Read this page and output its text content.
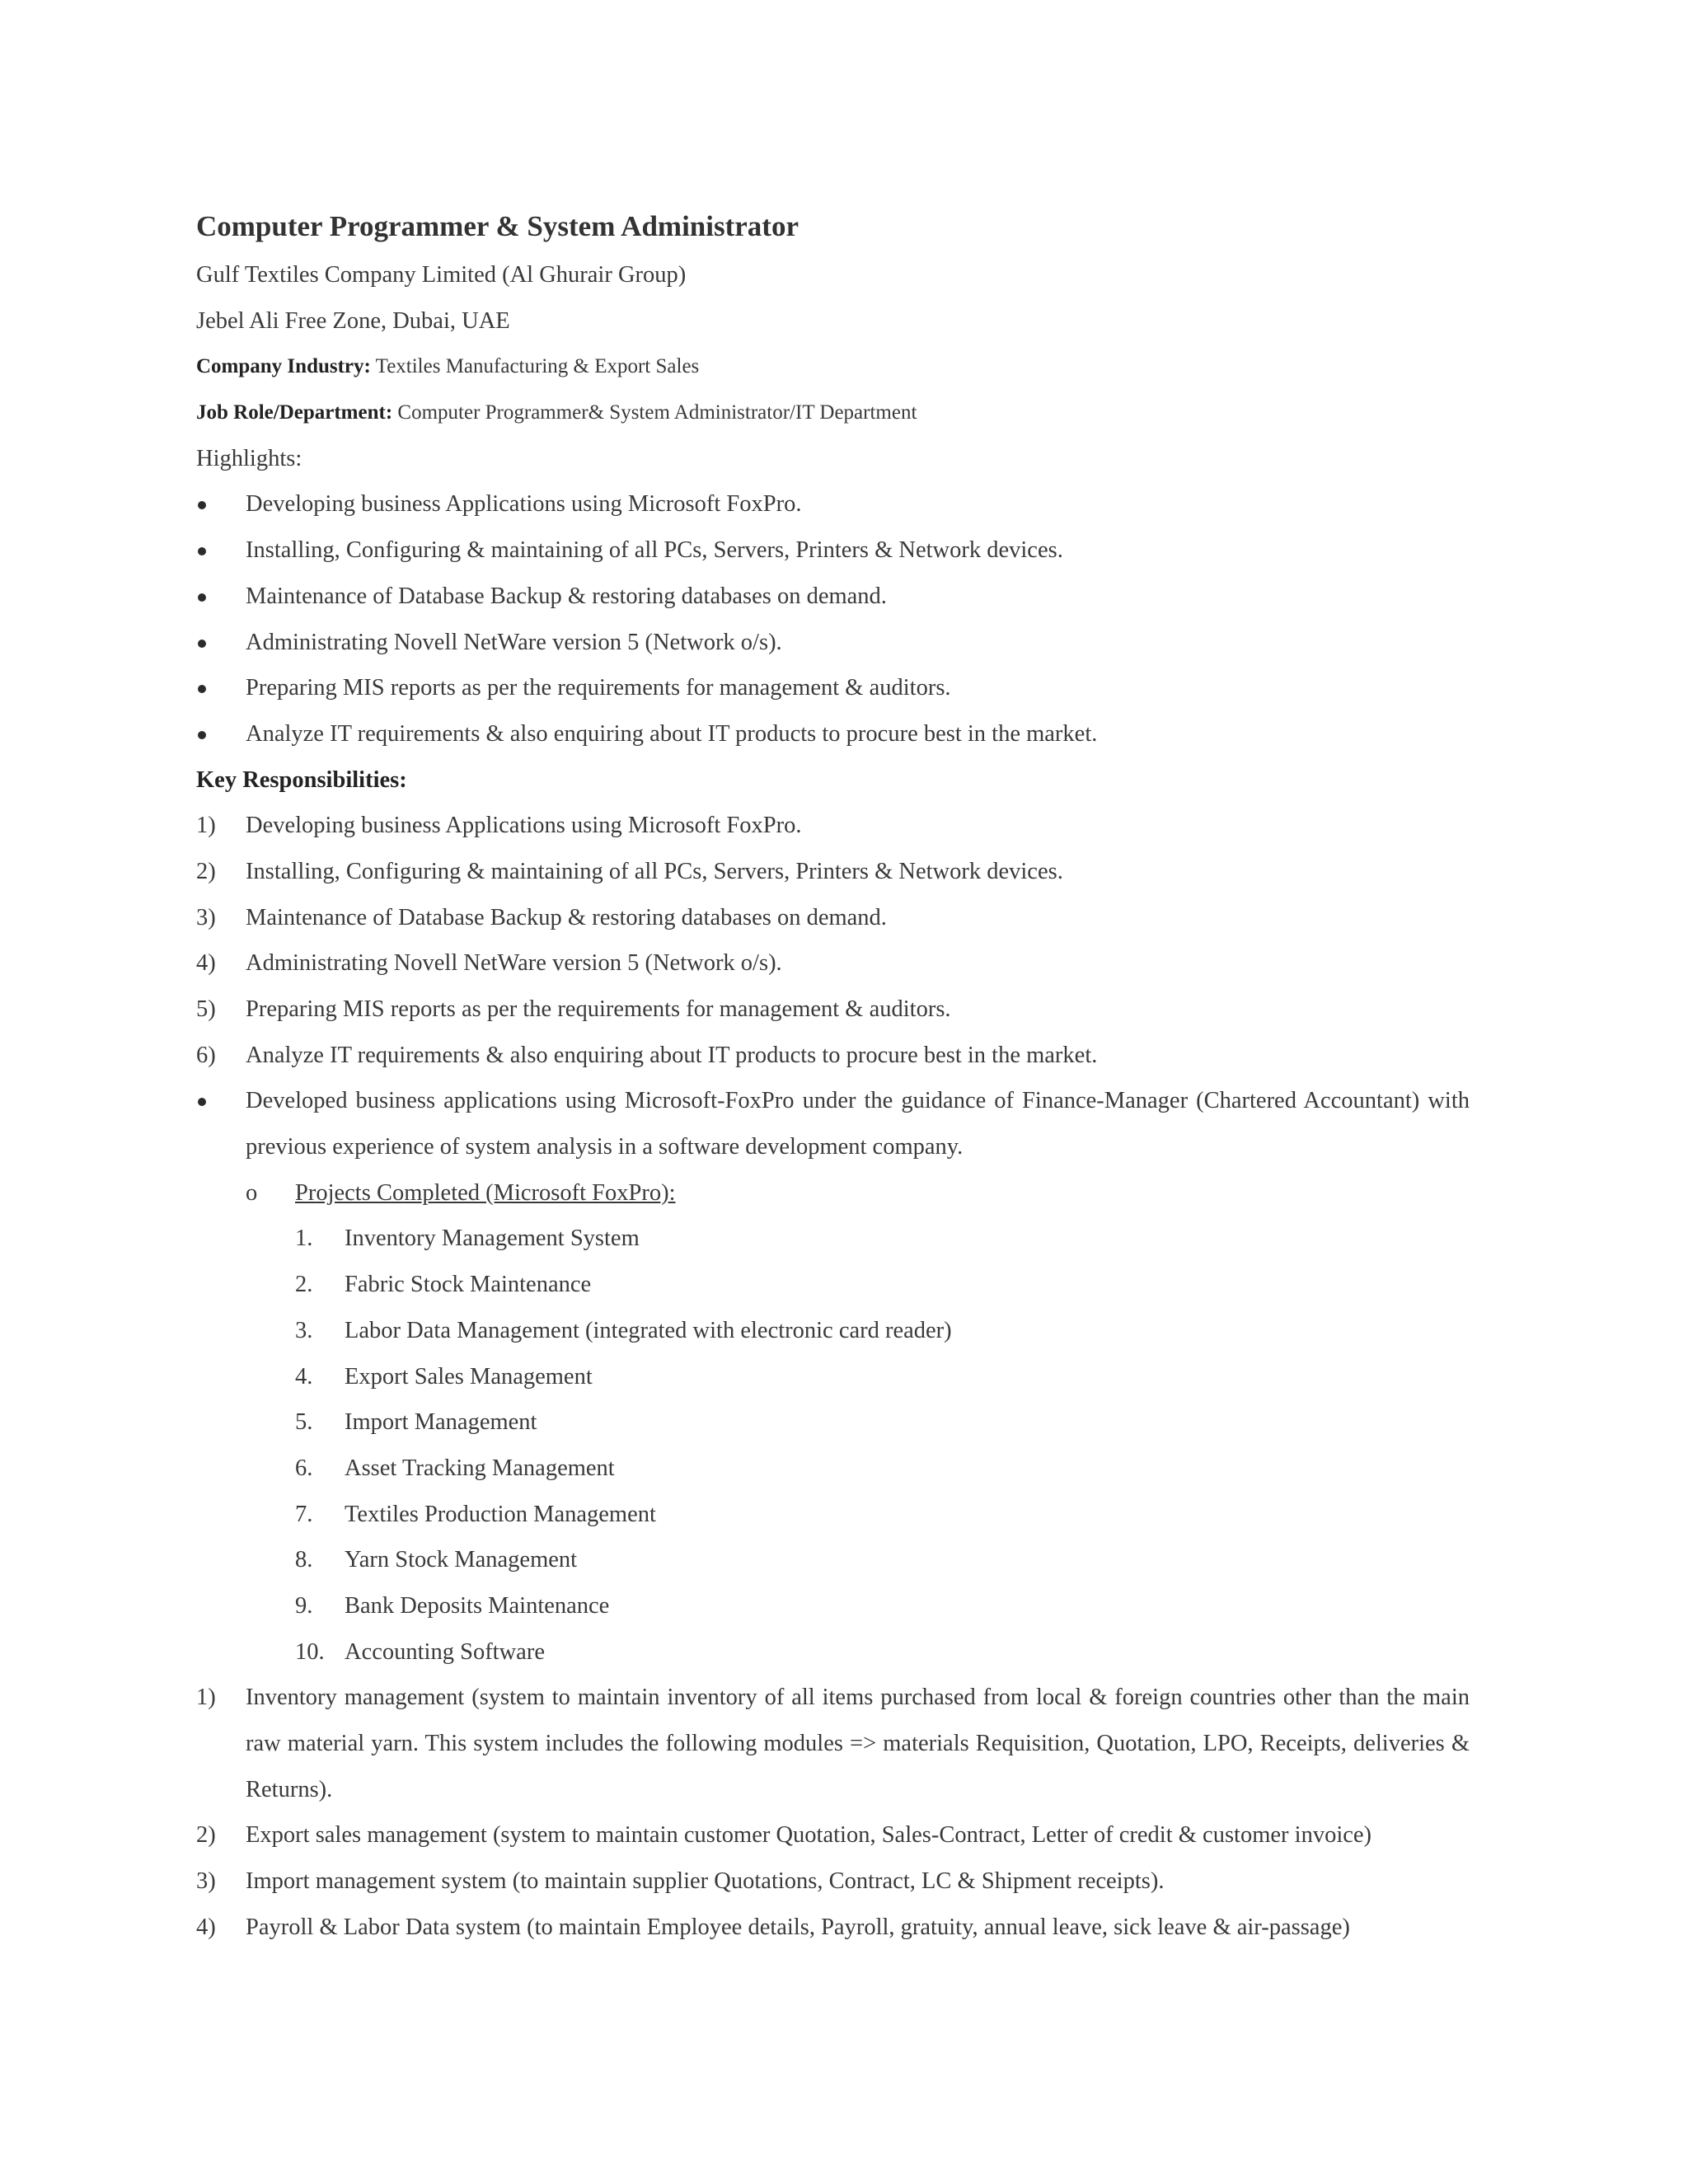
Computer Programmer & System Administrator
Gulf Textiles Company Limited (Al Ghurair Group)
Jebel Ali Free Zone, Dubai, UAE
Company Industry: Textiles Manufacturing & Export Sales
Job Role/Department: Computer Programmer& System Administrator/IT Department
Highlights:
Developing business Applications using Microsoft FoxPro.
Installing, Configuring & maintaining of all PCs, Servers, Printers & Network devices.
Maintenance of Database Backup & restoring databases on demand.
Administrating Novell NetWare version 5 (Network o/s).
Preparing MIS reports as per the requirements for management & auditors.
Analyze IT requirements & also enquiring about IT products to procure best in the market.
Key Responsibilities:
1) Developing business Applications using Microsoft FoxPro.
2) Installing, Configuring & maintaining of all PCs, Servers, Printers & Network devices.
3) Maintenance of Database Backup & restoring databases on demand.
4) Administrating Novell NetWare version 5 (Network o/s).
5) Preparing MIS reports as per the requirements for management & auditors.
6) Analyze IT requirements & also enquiring about IT products to procure best in the market.
Developed business applications using Microsoft-FoxPro under the guidance of Finance-Manager (Chartered Accountant) with previous experience of system analysis in a software development company.
o Projects Completed (Microsoft FoxPro):
1. Inventory Management System
2. Fabric Stock Maintenance
3. Labor Data Management (integrated with electronic card reader)
4. Export Sales Management
5. Import Management
6. Asset Tracking Management
7. Textiles Production Management
8. Yarn Stock Management
9. Bank Deposits Maintenance
10. Accounting Software
1) Inventory management (system to maintain inventory of all items purchased from local & foreign countries other than the main raw material yarn. This system includes the following modules => materials Requisition, Quotation, LPO, Receipts, deliveries & Returns).
2) Export sales management (system to maintain customer Quotation, Sales-Contract, Letter of credit & customer invoice)
3) Import management system (to maintain supplier Quotations, Contract, LC & Shipment receipts).
4) Payroll & Labor Data system (to maintain Employee details, Payroll, gratuity, annual leave, sick leave & air-passage)
